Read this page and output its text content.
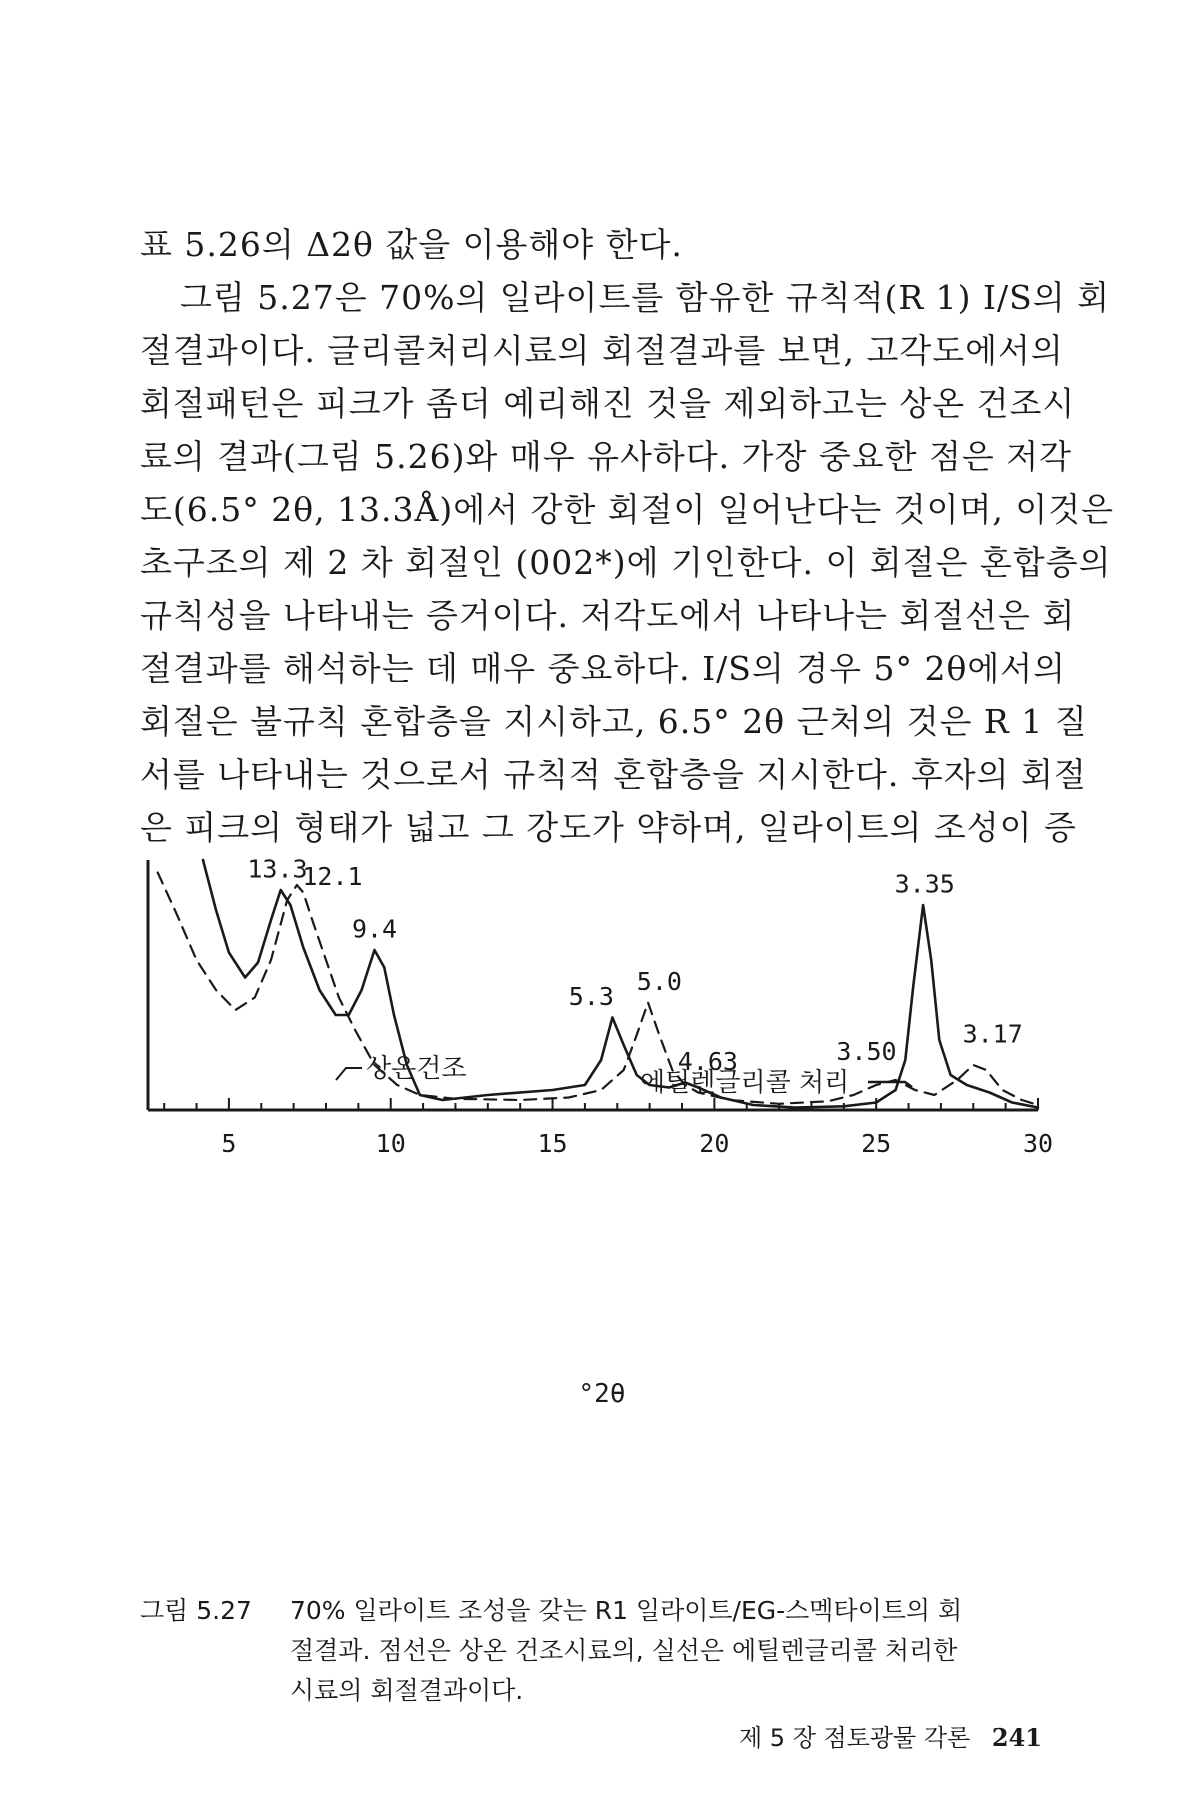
표 5.26의 Δ2θ 값을 이용해야 한다.
그림 5.27은 70%의 일라이트를 함유한 규칙적(R 1) I/S의 회
절결과이다. 글리콜처리시료의 회절결과를 보면, 고각도에서의
회절패턴은 피크가 좀더 예리해진 것을 제외하고는 상온 건조시
료의 결과(그림 5.26)와 매우 유사하다. 가장 중요한 점은 저각
도(6.5° 2θ, 13.3Å)에서 강한 회절이 일어난다는 것이며, 이것은
초구조의 제 2 차 회절인 (002*)에 기인한다. 이 회절은 혼합층의
규칙성을 나타내는 증거이다. 저각도에서 나타나는 회절선은 회
절결과를 해석하는 데 매우 중요하다. I/S의 경우 5° 2θ에서의
회절은 불규칙 혼합층을 지시하고, 6.5° 2θ 근처의 것은 R 1 질
서를 나타내는 것으로서 규칙적 혼합층을 지시한다. 후자의 회절
은 피크의 형태가 넓고 그 강도가 약하며, 일라이트의 조성이 증
5	10	15	20	25	30
13.3
12.1
9.4
5.3
5.0
4.63
3.35
3.50
3.17
상온건조	에틸렌글리콜 처리
°2θ
그림 5.27	70% 일라이트 조성을 갖는 R1 일라이트/EG-스멕타이트의 회
절결과. 점선은 상온 건조시료의, 실선은 에틸렌글리콜 처리한
시료의 회절결과이다.
제 5 장 점토광물 각론 241
